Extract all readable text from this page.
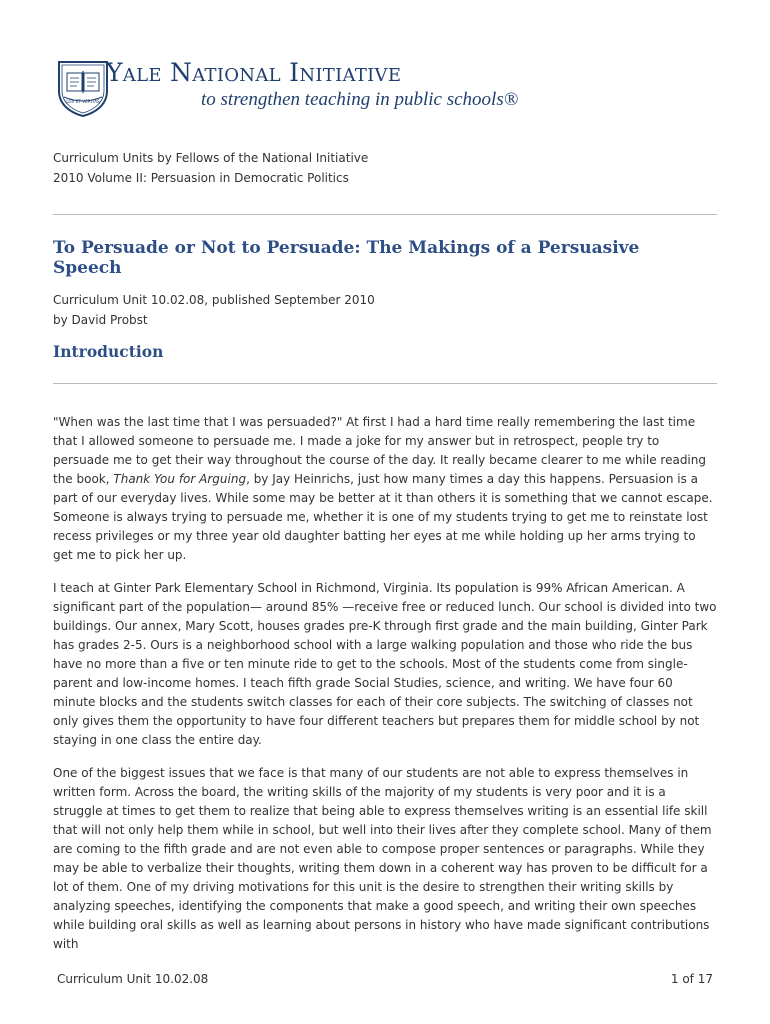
LUX ET VERITAS
Yale National Initiative
to strengthen teaching in public schools®
Curriculum Units by Fellows of the National Initiative
2010 Volume II: Persuasion in Democratic Politics
To Persuade or Not to Persuade: The Makings of a Persuasive Speech
Curriculum Unit 10.02.08, published September 2010
by David Probst
Introduction

"When was the last time that I was persuaded?" At first I had a hard time really remembering the last time that I allowed someone to persuade me. I made a joke for my answer but in retrospect, people try to persuade me to get their way throughout the course of the day. It really became clearer to me while reading the book, Thank You for Arguing, by Jay Heinrichs, just how many times a day this happens. Persuasion is a part of our everyday lives. While some may be better at it than others it is something that we cannot escape. Someone is always trying to persuade me, whether it is one of my students trying to get me to reinstate lost recess privileges or my three year old daughter batting her eyes at me while holding up her arms trying to get me to pick her up.

I teach at Ginter Park Elementary School in Richmond, Virginia. Its population is 99% African American. A significant part of the population— around 85% —receive free or reduced lunch. Our school is divided into two buildings. Our annex, Mary Scott, houses grades pre-K through first grade and the main building, Ginter Park has grades 2-5. Ours is a neighborhood school with a large walking population and those who ride the bus have no more than a five or ten minute ride to get to the schools. Most of the students come from single-parent and low-income homes. I teach fifth grade Social Studies, science, and writing. We have four 60 minute blocks and the students switch classes for each of their core subjects. The switching of classes not only gives them the opportunity to have four different teachers but prepares them for middle school by not staying in one class the entire day.

One of the biggest issues that we face is that many of our students are not able to express themselves in written form. Across the board, the writing skills of the majority of my students is very poor and it is a struggle at times to get them to realize that being able to express themselves writing is an essential life skill that will not only help them while in school, but well into their lives after they complete school. Many of them are coming to the fifth grade and are not even able to compose proper sentences or paragraphs. While they may be able to verbalize their thoughts, writing them down in a coherent way has proven to be difficult for a lot of them. One of my driving motivations for this unit is the desire to strengthen their writing skills by analyzing speeches, identifying the components that make a good speech, and writing their own speeches while building oral skills as well as learning about persons in history who have made significant contributions with

Curriculum Unit 10.02.08	1 of 17
